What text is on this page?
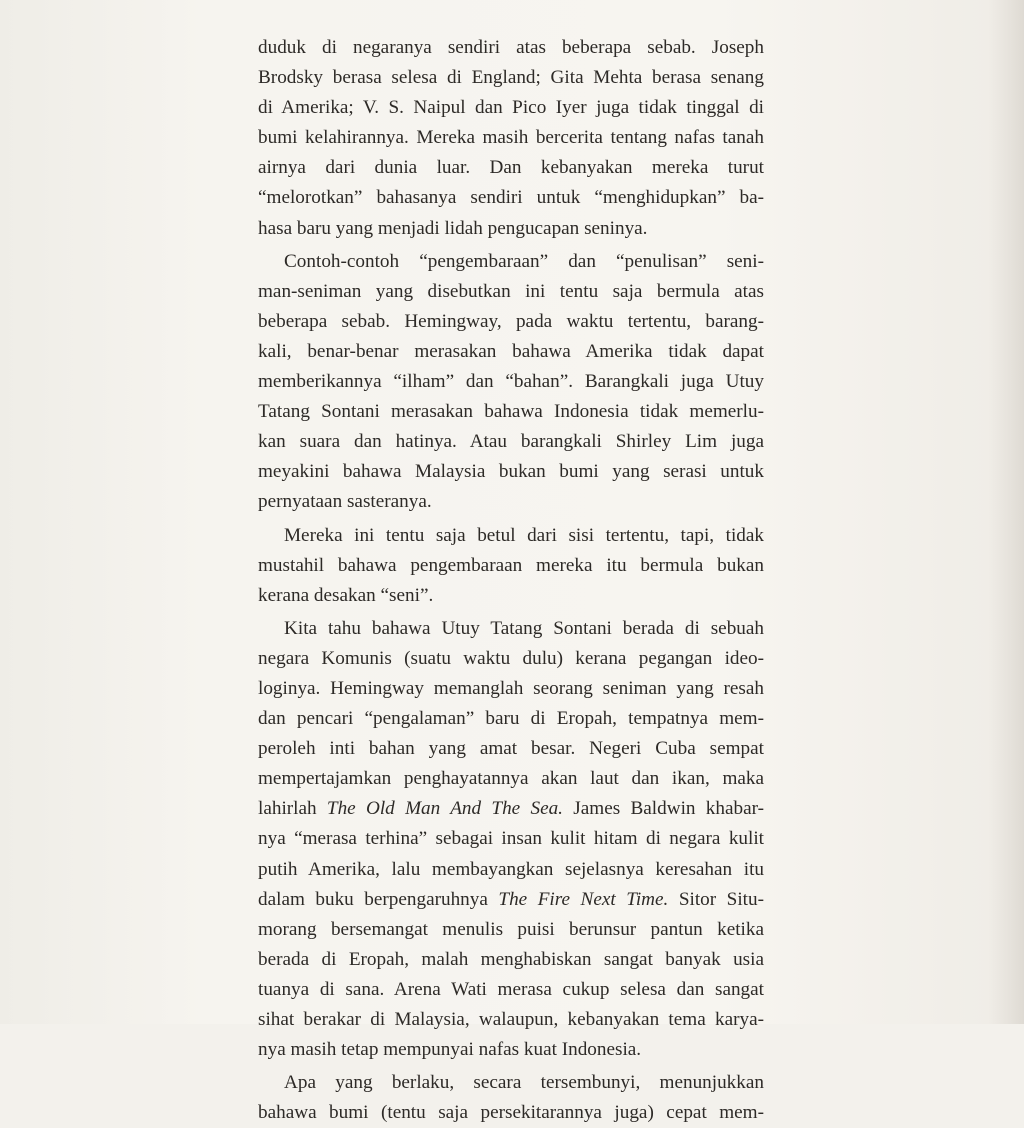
duduk di negaranya sendiri atas beberapa sebab. Joseph
Brodsky berasa selesa di England; Gita Mehta berasa senang
di Amerika; V. S. Naipul dan Pico Iyer juga tidak tinggal di
bumi kelahirannya. Mereka masih bercerita tentang nafas tanah
airnya dari dunia luar. Dan kebanyakan mereka turut
“melorotkan” bahasanya sendiri untuk “menghidupkan” ba-
hasa baru yang menjadi lidah pengucapan seninya.
Contoh-contoh “pengembaraan” dan “penulisan” seni-
man-seniman yang disebutkan ini tentu saja bermula atas
beberapa sebab. Hemingway, pada waktu tertentu, barang-
kali, benar-benar merasakan bahawa Amerika tidak dapat
memberikannya “ilham” dan “bahan”. Barangkali juga Utuy
Tatang Sontani merasakan bahawa Indonesia tidak memerlu-
kan suara dan hatinya. Atau barangkali Shirley Lim juga
meyakini bahawa Malaysia bukan bumi yang serasi untuk
pernyataan sasteranya.
Mereka ini tentu saja betul dari sisi tertentu, tapi, tidak
mustahil bahawa pengembaraan mereka itu bermula bukan
kerana desakan “seni”.
Kita tahu bahawa Utuy Tatang Sontani berada di sebuah
negara Komunis (suatu waktu dulu) kerana pegangan ideo-
loginya. Hemingway memanglah seorang seniman yang resah
dan pencari “pengalaman” baru di Eropah, tempatnya mem-
peroleh inti bahan yang amat besar. Negeri Cuba sempat
mempertajamkan penghayatannya akan laut dan ikan, maka
lahirlah The Old Man And The Sea. James Baldwin khabar-
nya “merasa terhina” sebagai insan kulit hitam di negara kulit
putih Amerika, lalu membayangkan sejelasnya keresahan itu
dalam buku berpengaruhnya The Fire Next Time. Sitor Situ-
morang bersemangat menulis puisi berunsur pantun ketika
berada di Eropah, malah menghabiskan sangat banyak usia
tuanya di sana. Arena Wati merasa cukup selesa dan sangat
sihat berakar di Malaysia, walaupun, kebanyakan tema karya-
nya masih tetap mempunyai nafas kuat Indonesia.
Apa yang berlaku, secara tersembunyi, menunjukkan
bahawa bumi (tentu saja persekitarannya juga) cepat mem-
